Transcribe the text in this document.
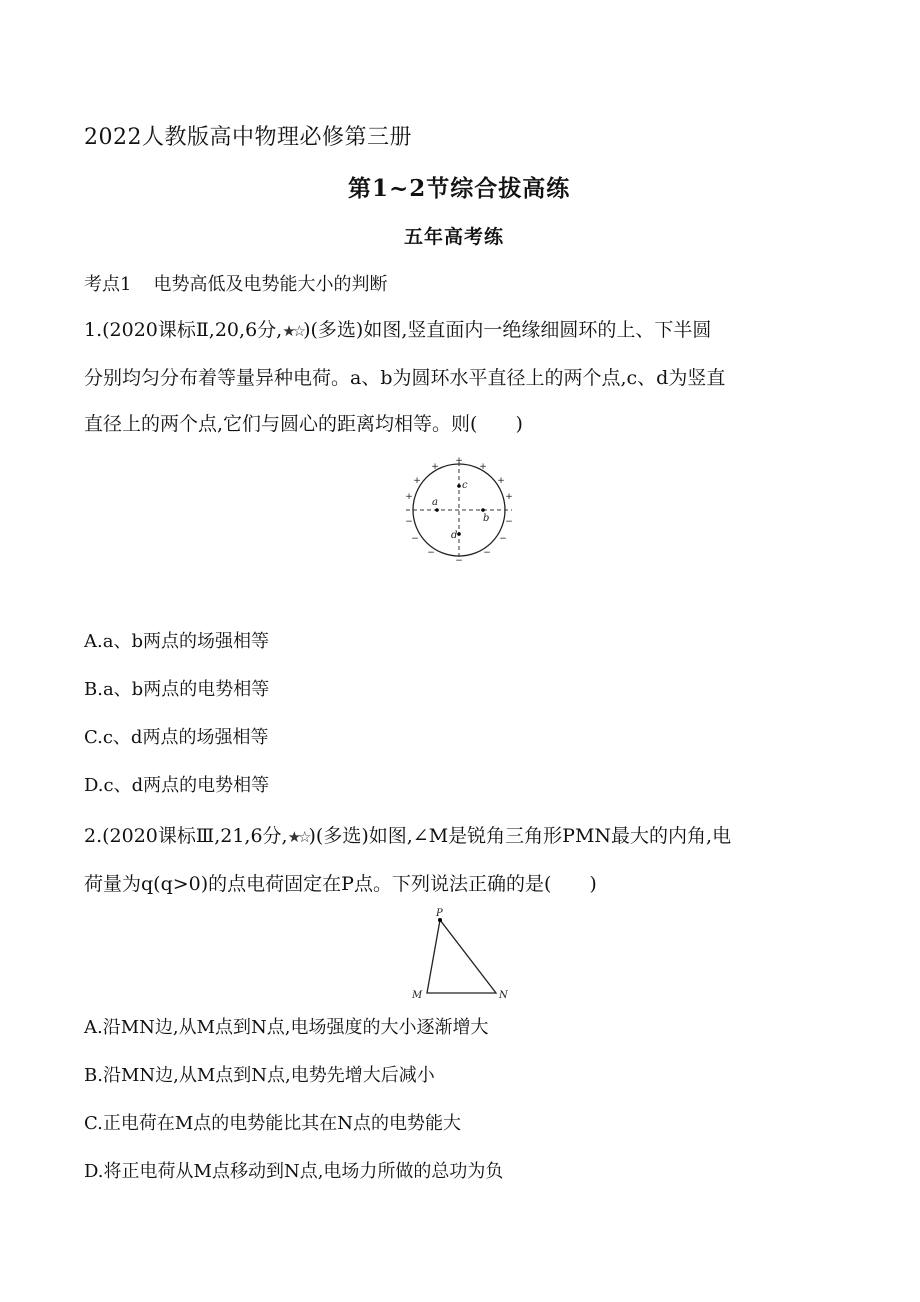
2022人教版高中物理必修第三册
第1~2节综合拔高练
五年高考练
考点1 电势高低及电势能大小的判断
1.(2020课标Ⅱ,20,6分,★☆)(多选)如图,竖直面内一绝缘细圆环的上、下半圆
分别均匀分布着等量异种电荷。a、b为圆环水平直径上的两个点,c、d为竖直
直径上的两个点,它们与圆心的距离均相等。则(　　)
+
+	+
+	+
+	+
−	−
−	−
−	−
−
a
b
c
d
A.a、b两点的场强相等
B.a、b两点的电势相等
C.c、d两点的场强相等
D.c、d两点的电势相等
2.(2020课标Ⅲ,21,6分,★☆)(多选)如图,∠M是锐角三角形PMN最大的内角,电
荷量为q(q>0)的点电荷固定在P点。下列说法正确的是(　　)
P
M	N
A.沿MN边,从M点到N点,电场强度的大小逐渐增大
B.沿MN边,从M点到N点,电势先增大后减小
C.正电荷在M点的电势能比其在N点的电势能大
D.将正电荷从M点移动到N点,电场力所做的总功为负
